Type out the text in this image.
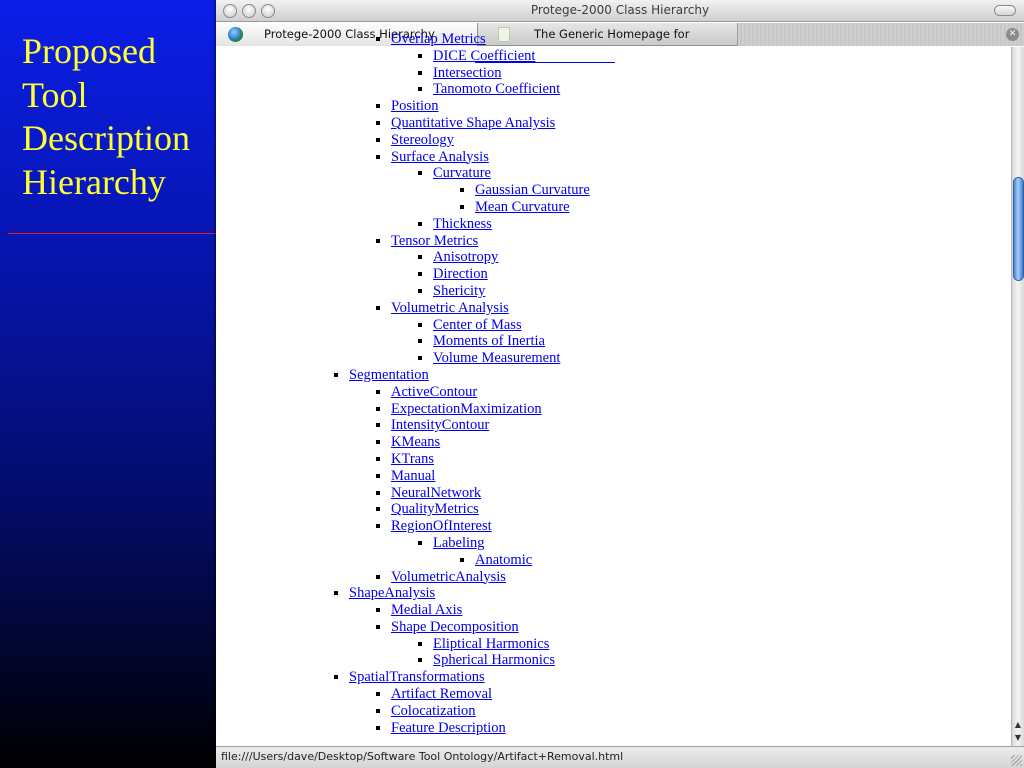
Proposed
Tool
Description
Hierarchy
Protege-2000 Class Hierarchy
Protege-2000 Class Hierarchy	The Generic Homepage for	✕
▪ Overlap Metrics
▪ DICE Coefficient
▪ Intersection
▪ Tanomoto Coefficient
▪ Position
▪ Quantitative Shape Analysis
▪ Stereology
▪ Surface Analysis
▪ Curvature
▪ Gaussian Curvature
▪ Mean Curvature
▪ Thickness
▪ Tensor Metrics
▪ Anisotropy
▪ Direction
▪ Shericity
▪ Volumetric Analysis
▪ Center of Mass
▪ Moments of Inertia
▪ Volume Measurement
▪ Segmentation
▪ ActiveContour
▪ ExpectationMaximization
▪ IntensityContour
▪ KMeans
▪ KTrans
▪ Manual
▪ NeuralNetwork
▪ QualityMetrics
▪ RegionOfInterest
▪ Labeling
▪ Anatomic
▪ VolumetricAnalysis
▪ ShapeAnalysis
▪ Medial Axis
▪ Shape Decomposition
▪ Eliptical Harmonics
▪ Spherical Harmonics
▪ SpatialTransformations
▪ Artifact Removal
▪ Colocatization
▪ Feature Description	▲
▼
file:///Users/dave/Desktop/Software Tool Ontology/Artifact+Removal.html
